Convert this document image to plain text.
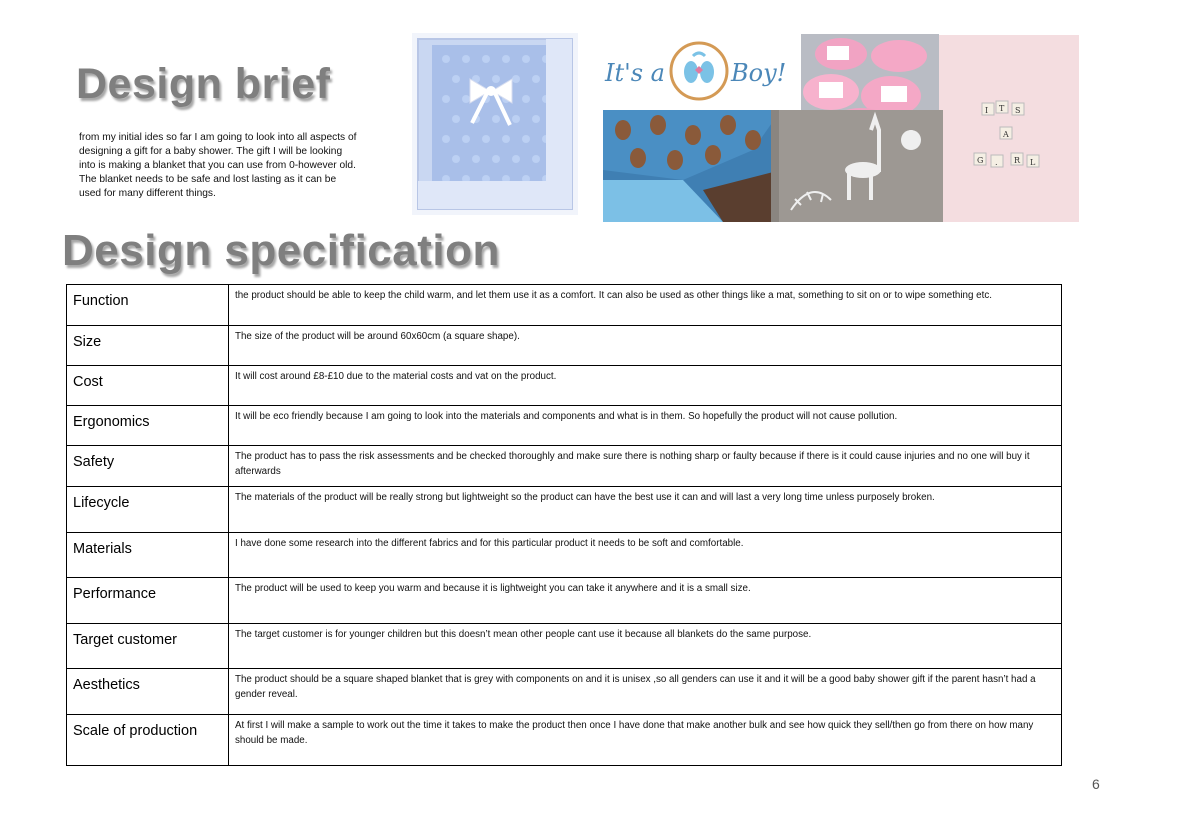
Design brief
from my initial ides so far I am going to look into all aspects of designing a gift for a baby shower. The gift I will be looking into is making a blanket that you can use from 0-however old. The blanket needs to be safe and lost lasting as it can be used for many different things.
It's a	Boy!
I T S
A
G . R L
Design specification
Function	the product should be able to keep the child warm, and let them use it as a comfort. It can also be used as other things like a mat, something to sit on or to wipe something etc.
Size	The size of the product will be around 60x60cm (a square shape).
Cost	It will cost around £8-£10 due to the material costs and vat on the product.
Ergonomics	It will be eco friendly because I am going to look into the materials and components and what is in them. So hopefully the product will not cause pollution.
Safety	The product has to pass the risk assessments and be checked thoroughly and make sure there is nothing sharp or faulty because if there is it could cause injuries and no one will buy it afterwards
Lifecycle	The materials of the product will be really strong but lightweight so the product can have the best use it can and will last a very long time unless purposely broken.
Materials	I have done some research into the different fabrics and for this particular product it needs to be soft and comfortable.
Performance	The product will be used to keep you warm and because it is lightweight you can take it anywhere and it is a small size.
Target customer	The target customer is for younger children but this doesn’t mean other people cant use it because all blankets do the same purpose.
Aesthetics	The product should be a square shaped blanket that is grey with components on and it is unisex ,so all genders can use it and it will be a good baby shower gift if the parent hasn’t had a gender reveal.
Scale of production	At first I will make a sample to work out the time it takes to make the product then once I have done that make another bulk and see how quick they sell/then go from there on how many should be made.
6
